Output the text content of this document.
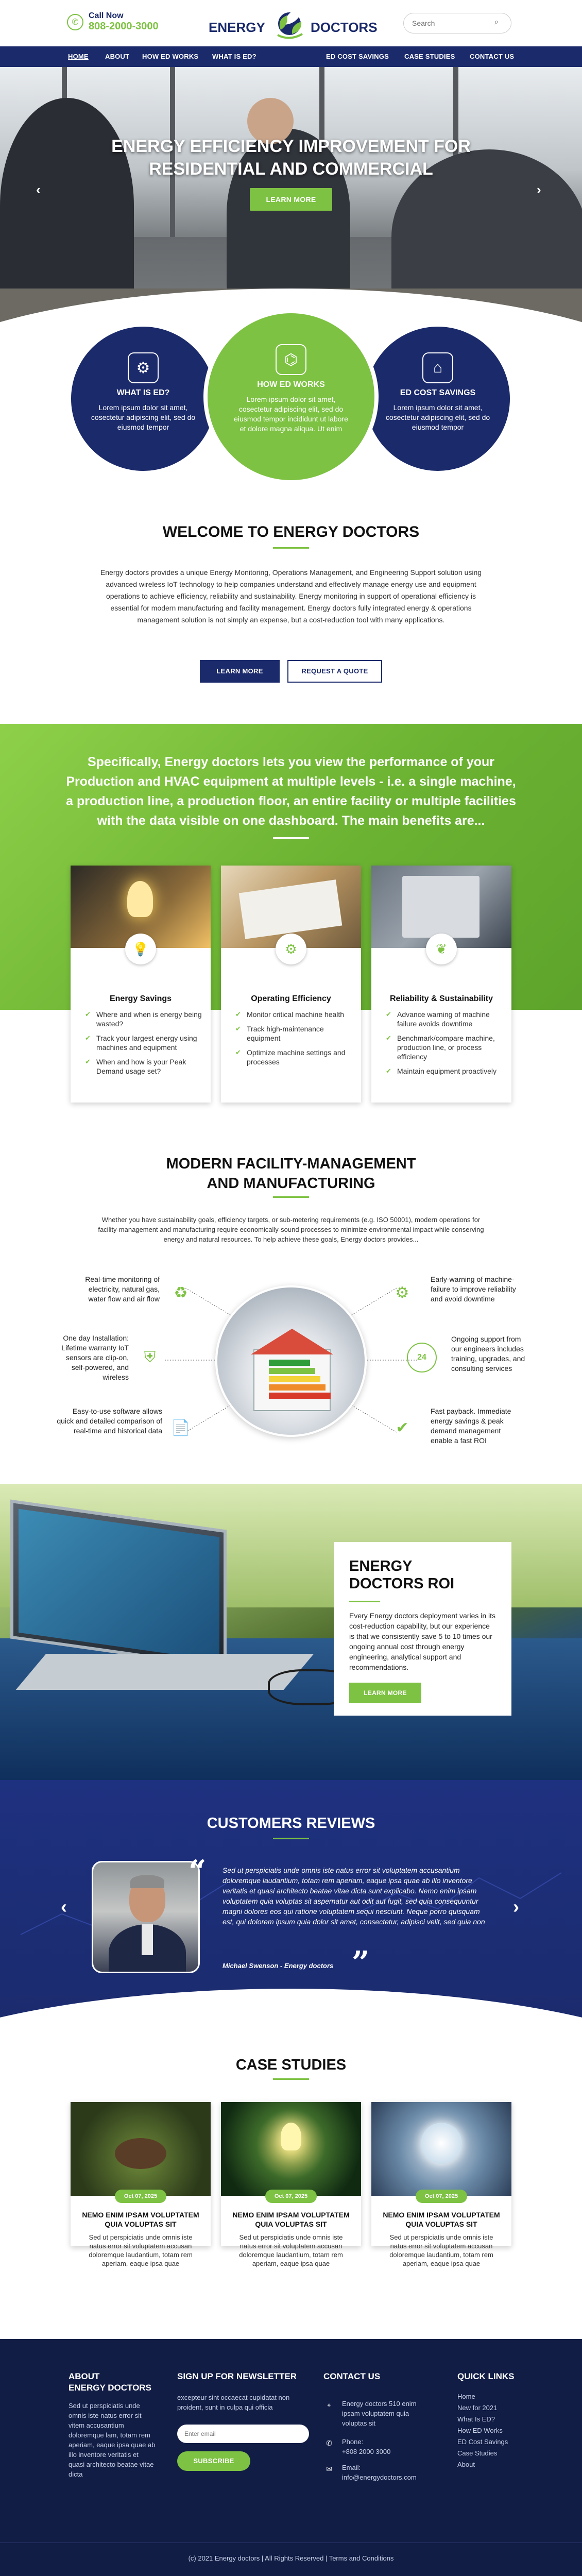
✆
Call Now
808-2000-3000	ENERGY	DOCTORS
Search	⌕
HOME ABOUT HOW ED WORKS WHAT IS ED?	ED COST SAVINGS CASE STUDIES CONTACT US
ENERGY EFFICIENCY IMPROVEMENT FOR
RESIDENTIAL AND COMMERCIAL
LEARN MORE
‹	›
⚙
WHAT IS ED?

Lorem ipsum dolor sit amet, cosectetur adipiscing elit, sed do eiusmod tempor

⌂
ED COST SAVINGS

Lorem ipsum dolor sit amet, cosectetur adipiscing elit, sed do eiusmod tempor

⌬
HOW ED WORKS

Lorem ipsum dolor sit amet, cosectetur adipiscing elit, sed do eiusmod tempor incididunt ut labore et dolore magna aliqua. Ut enim

WELCOME TO ENERGY DOCTORS

Energy doctors provides a unique Energy Monitoring, Operations Management, and Engineering Support solution using advanced wireless IoT technology to help companies understand and effectively manage energy use and equipment operations to achieve efficiency, reliability and sustainability. Energy monitoring in support of operational efficiency is essential for modern manufacturing and facility management. Energy doctors fully integrated energy & operations management solution is not simply an expense, but a cost-reduction tool with many applications.

LEARN MORE	REQUEST A QUOTE

Specifically, Energy doctors lets you view the performance of your Production and HVAC equipment at multiple levels - i.e. a single machine, a production line, a production floor, an entire facility or multiple facilities with the data visible on one dashboard. The main benefits are...

💡
Energy Savings
✔ Where and when is energy being wasted?
✔ Track your largest energy using machines and equipment
✔ When and how is your Peak Demand usage set?
⚙
Operating Efficiency
✔ Monitor critical machine health
✔ Track high-maintenance equipment
✔ Optimize machine settings and processes
❦
Reliability & Sustainability
✔ Advance warning of machine failure avoids downtime
✔ Benchmark/compare machine, production line, or process efficiency
✔ Maintain equipment proactively
MODERN FACILITY-MANAGEMENT
AND MANUFACTURING

Whether you have sustainability goals, efficiency targets, or sub-metering requirements (e.g. ISO 50001), modern operations for facility-management and manufacturing require economically-sound processes to minimize environmental impact while conserving energy and natural resources. To help achieve these goals, Energy doctors provides...

Real-time monitoring of electricity, natural gas, water flow and air flow ♻

One day Installation: Lifetime warranty IoT sensors are clip-on, self-powered, and wireless

⛨

Easy-to-use software allows quick and detailed comparison of real-time and historical data 📄
⚙

Early-warning of machine-failure to improve reliability and avoid downtime

24

Ongoing support from our engineers includes training, upgrades, and consulting services

✔

Fast payback. Immediate energy savings & peak demand management enable a fast ROI

ENERGY
DOCTORS ROI

Every Energy doctors deployment varies in its cost-reduction capability, but our experience is that we consistently save 5 to 10 times our ongoing annual cost through energy engineering, analytical support and recommendations.

LEARN MORE
CUSTOMERS REVIEWS
‹	›
“ Sed ut perspiciatis unde omnis iste natus error sit voluptatem accusantium doloremque laudantium, totam rem aperiam, eaque ipsa quae ab illo inventore veritatis et quasi architecto beatae vitae dicta sunt explicabo. Nemo enim ipsam voluptatem quia voluptas sit aspernatur aut odit aut fugit, sed quia consequuntur magni dolores eos qui ratione voluptatem sequi nesciunt. Neque porro quisquam est, qui dolorem ipsum quia dolor sit amet, consectetur, adipisci velit, sed quia non

”
Michael Swenson - Energy doctors
CASE STUDIES
Oct 07, 2025
NEMO ENIM IPSAM VOLUPTATEM QUIA VOLUPTAS SIT

Sed ut perspiciatis unde omnis iste natus error sit voluptatem accusan doloremque laudantium, totam rem aperiam, eaque ipsa quae

Oct 07, 2025
NEMO ENIM IPSAM VOLUPTATEM QUIA VOLUPTAS SIT

Sed ut perspiciatis unde omnis iste natus error sit voluptatem accusan doloremque laudantium, totam rem aperiam, eaque ipsa quae

Oct 07, 2025
NEMO ENIM IPSAM VOLUPTATEM QUIA VOLUPTAS SIT

Sed ut perspiciatis unde omnis iste natus error sit voluptatem accusan doloremque laudantium, totam rem aperiam, eaque ipsa quae

ABOUT
ENERGY DOCTORS

Sed ut perspiciatis unde omnis iste natus error sit vitem accusantium doloremque lam, totam rem aperiam, eaque ipsa quae ab illo inventore veritatis et quasi architecto beatae vitae dicta

SIGN UP FOR NEWSLETTER

excepteur sint occaecat cupidatat non proident, sunt in culpa qui officia

Enter email
SUBSCRIBE
CONTACT US
⌖	Energy doctors 510 enim ipsam voluptatem quia voluptas sit

✆	Phone:

+808 2000 3000

✉	Email:

info@energydoctors.com

QUICK LINKS
Home
New for 2021
What Is ED?
How ED Works
ED Cost Savings
Case Studies
About
(c) 2021 Energy doctors | All Rights Reserved | Terms and Conditions
